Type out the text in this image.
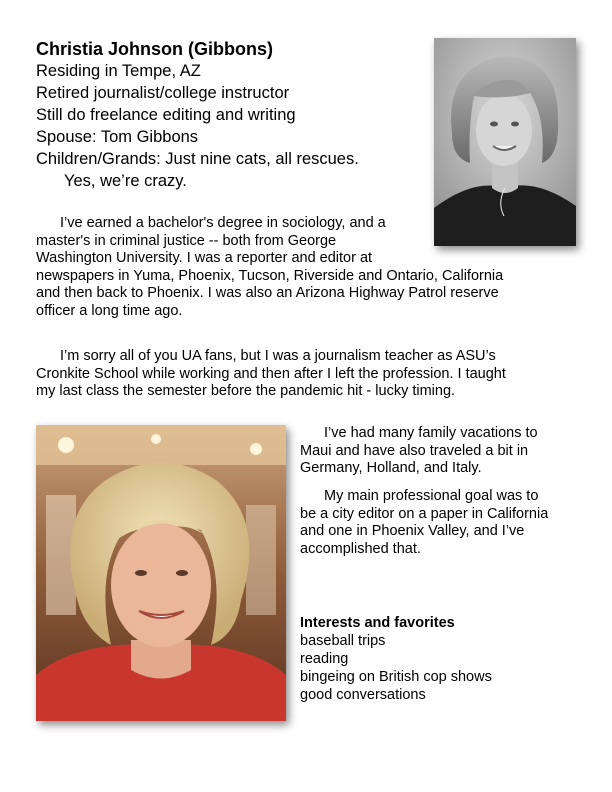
Christia Johnson (Gibbons)
Residing in Tempe, AZ
Retired journalist/college instructor
Still do freelance editing and writing
Spouse: Tom Gibbons
Children/Grands: Just nine cats, all rescues.
Yes, we’re crazy.
I’ve earned a bachelor's degree in sociology, and a
master's in criminal justice -- both from George
Washington University. I was a reporter and editor at
newspapers in Yuma, Phoenix, Tucson, Riverside and Ontario, California
and then back to Phoenix. I was also an Arizona Highway Patrol reserve
officer a long time ago.
I’m sorry all of you UA fans, but I was a journalism teacher as ASU’s
Cronkite School while working and then after I left the profession. I taught
my last class the semester before the pandemic hit - lucky timing.
I’ve had many family vacations to
Maui and have also traveled a bit in
Germany, Holland, and Italy.
My main professional goal was to
be a city editor on a paper in California
and one in Phoenix Valley, and I’ve
accomplished that.
Interests and favorites
baseball trips
reading
bingeing on British cop shows
good conversations
